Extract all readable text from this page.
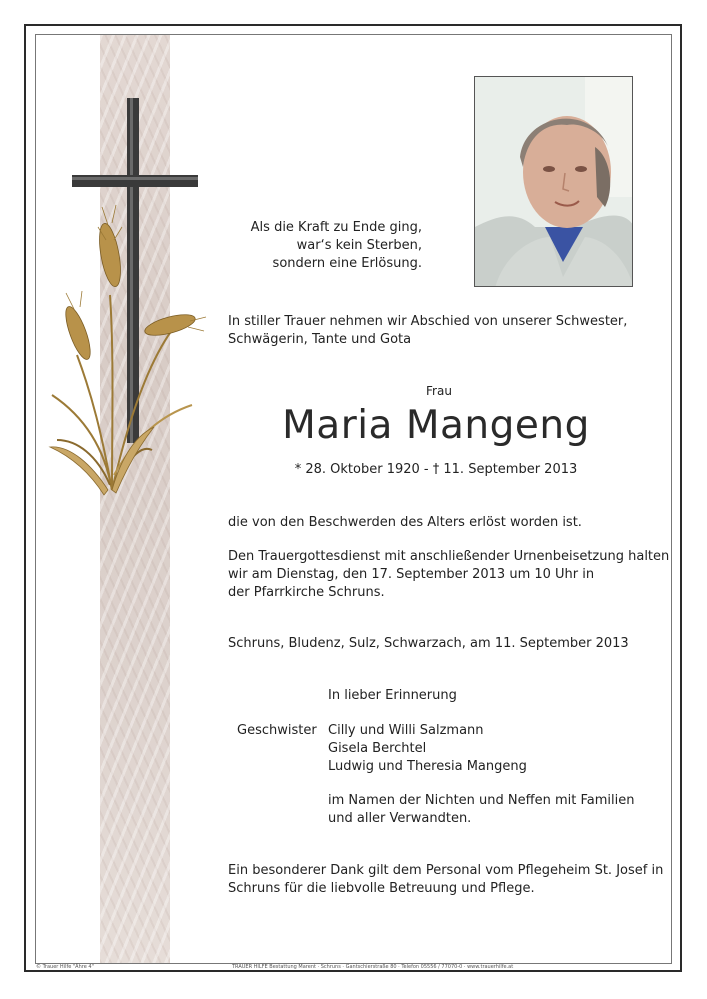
Als die Kraft zu Ende ging,
war‘s kein Sterben,
sondern eine Erlösung.
In stiller Trauer nehmen wir Abschied von unserer Schwester,
Schwägerin, Tante und Gota
Frau
Maria Mangeng
* 28. Oktober 1920 - † 11. September 2013
die von den Beschwerden des Alters erlöst worden ist.
Den Trauergottesdienst mit anschließender Urnenbeisetzung halten
wir am Dienstag, den 17. September 2013 um 10 Uhr in
der Pfarrkirche Schruns.
Schruns, Bludenz, Sulz, Schwarzach, am 11. September 2013
In lieber Erinnerung
Geschwister Cilly und Willi Salzmann
Gisela Berchtel
Ludwig und Theresia Mangeng
im Namen der Nichten und Neffen mit Familien
und aller Verwandten.
Ein besonderer Dank gilt dem Personal vom Pflegeheim St. Josef in
Schruns für die liebvolle Betreuung und Pflege.
© Trauer Hilfe "Ähre 4"	TRAUER HILFE Bestattung Marent · Schruns · Gantschierstraße 80 · Telefon 05556 / 77070-0 · www.trauerhilfe.at
